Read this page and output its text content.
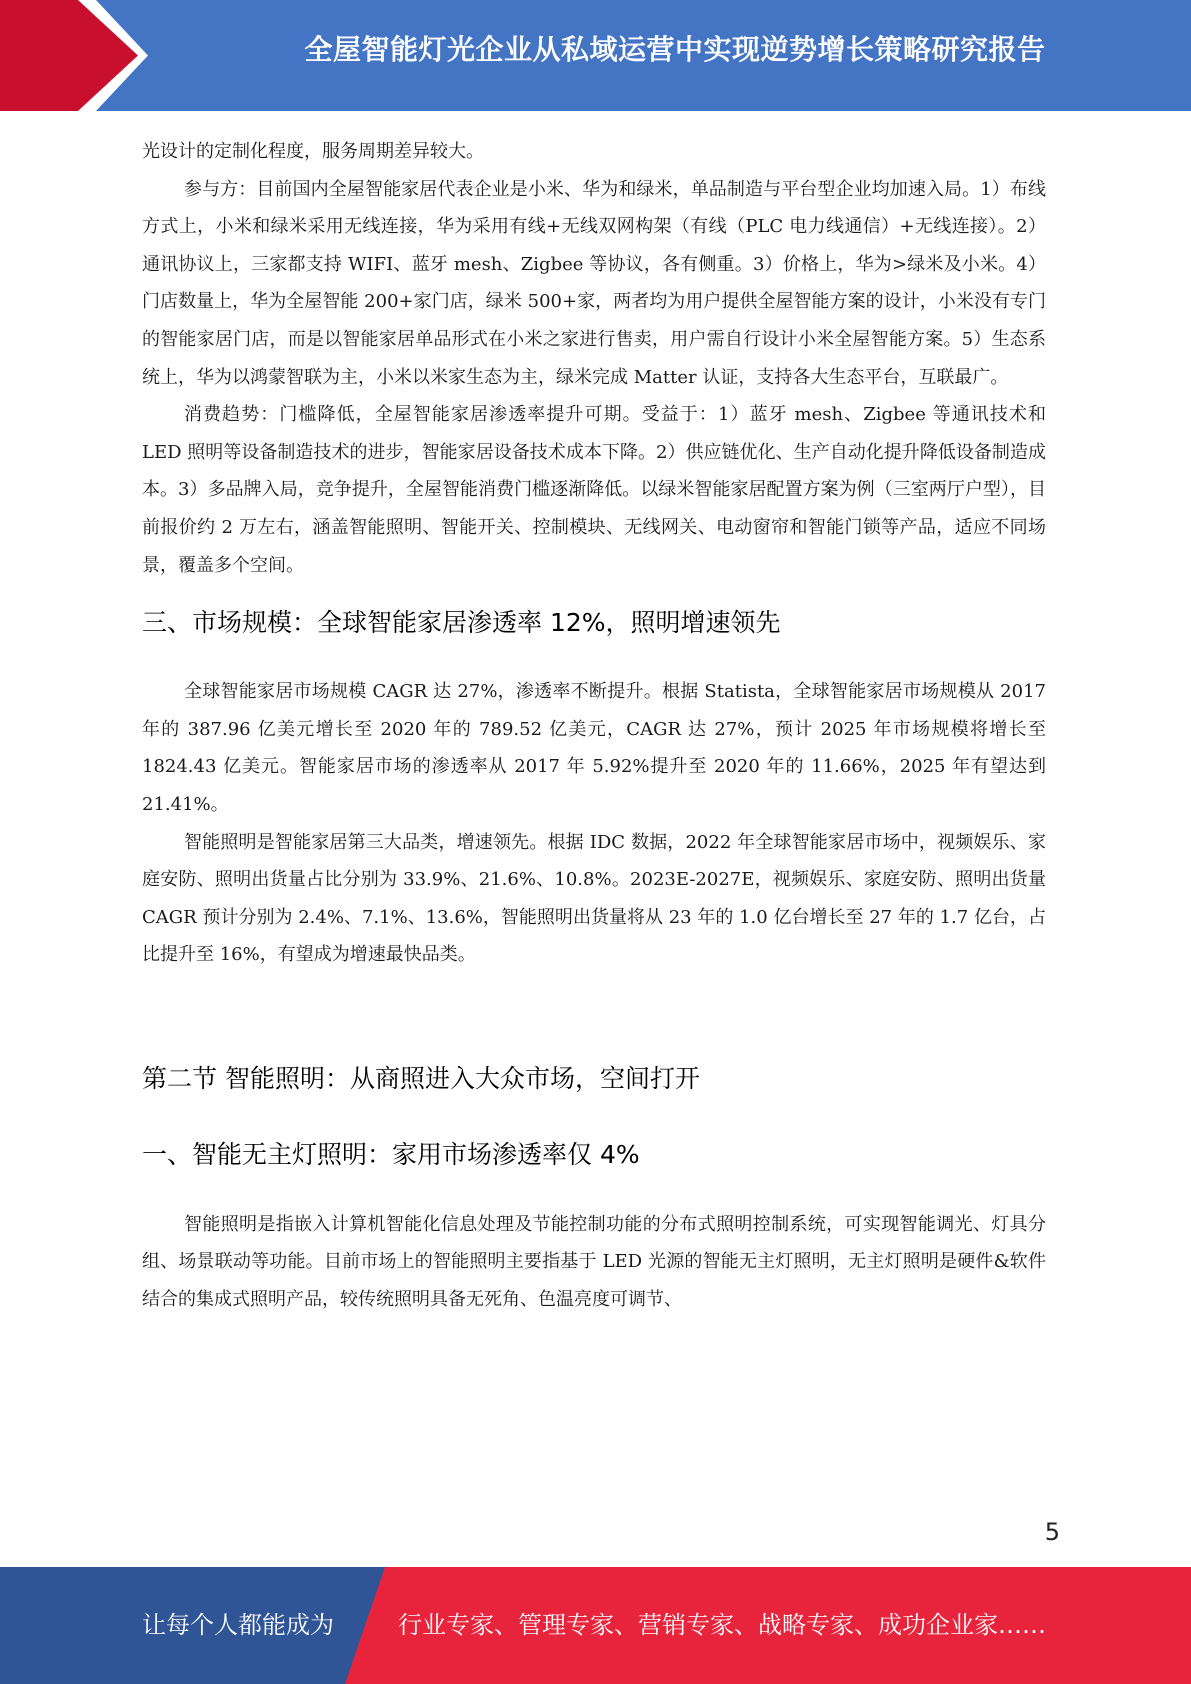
全屋智能灯光企业从私域运营中实现逆势增长策略研究报告

光设计的定制化程度，服务周期差异较大。

参与方：目前国内全屋智能家居代表企业是小米、华为和绿米，单品制造与平台型企业均加速入局。1）布线方式上，小米和绿米采用无线连接，华为采用有线+无线双网构架（有线（PLC 电力线通信）+无线连接）。2）通讯协议上，三家都支持 WIFI、蓝牙 mesh、Zigbee 等协议，各有侧重。3）价格上，华为>绿米及小米。4）门店数量上，华为全屋智能 200+家门店，绿米 500+家，两者均为用户提供全屋智能方案的设计，小米没有专门的智能家居门店，而是以智能家居单品形式在小米之家进行售卖，用户需自行设计小米全屋智能方案。5）生态系统上，华为以鸿蒙智联为主，小米以米家生态为主，绿米完成 Matter 认证，支持各大生态平台，互联最广。

消费趋势：门槛降低，全屋智能家居渗透率提升可期。受益于：1）蓝牙 mesh、Zigbee 等通讯技术和 LED 照明等设备制造技术的进步，智能家居设备技术成本下降。2）供应链优化、生产自动化提升降低设备制造成本。3）多品牌入局，竞争提升，全屋智能消费门槛逐渐降低。以绿米智能家居配置方案为例（三室两厅户型），目前报价约 2 万左右，涵盖智能照明、智能开关、控制模块、无线网关、电动窗帘和智能门锁等产品，适应不同场景，覆盖多个空间。

三、市场规模：全球智能家居渗透率 12%，照明增速领先

全球智能家居市场规模 CAGR 达 27%，渗透率不断提升。根据 Statista，全球智能家居市场规模从 2017 年的 387.96 亿美元增长至 2020 年的 789.52 亿美元，CAGR 达 27%，预计 2025 年市场规模将增长至 1824.43 亿美元。智能家居市场的渗透率从 2017 年 5.92%提升至 2020 年的 11.66%，2025 年有望达到 21.41%。

智能照明是智能家居第三大品类，增速领先。根据 IDC 数据，2022 年全球智能家居市场中，视频娱乐、家庭安防、照明出货量占比分别为 33.9%、21.6%、10.8%。2023E-2027E，视频娱乐、家庭安防、照明出货量 CAGR 预计分别为 2.4%、7.1%、13.6%，智能照明出货量将从 23 年的 1.0 亿台增长至 27 年的 1.7 亿台，占比提升至 16%，有望成为增速最快品类。

第二节 智能照明：从商照进入大众市场，空间打开
一、智能无主灯照明：家用市场渗透率仅 4%

智能照明是指嵌入计算机智能化信息处理及节能控制功能的分布式照明控制系统，可实现智能调光、灯具分组、场景联动等功能。目前市场上的智能照明主要指基于 LED 光源的智能无主灯照明，无主灯照明是硬件&软件结合的集成式照明产品，较传统照明具备无死角、色温亮度可调节、

5
让每个人都能成为	行业专家、管理专家、营销专家、战略专家、成功企业家……
